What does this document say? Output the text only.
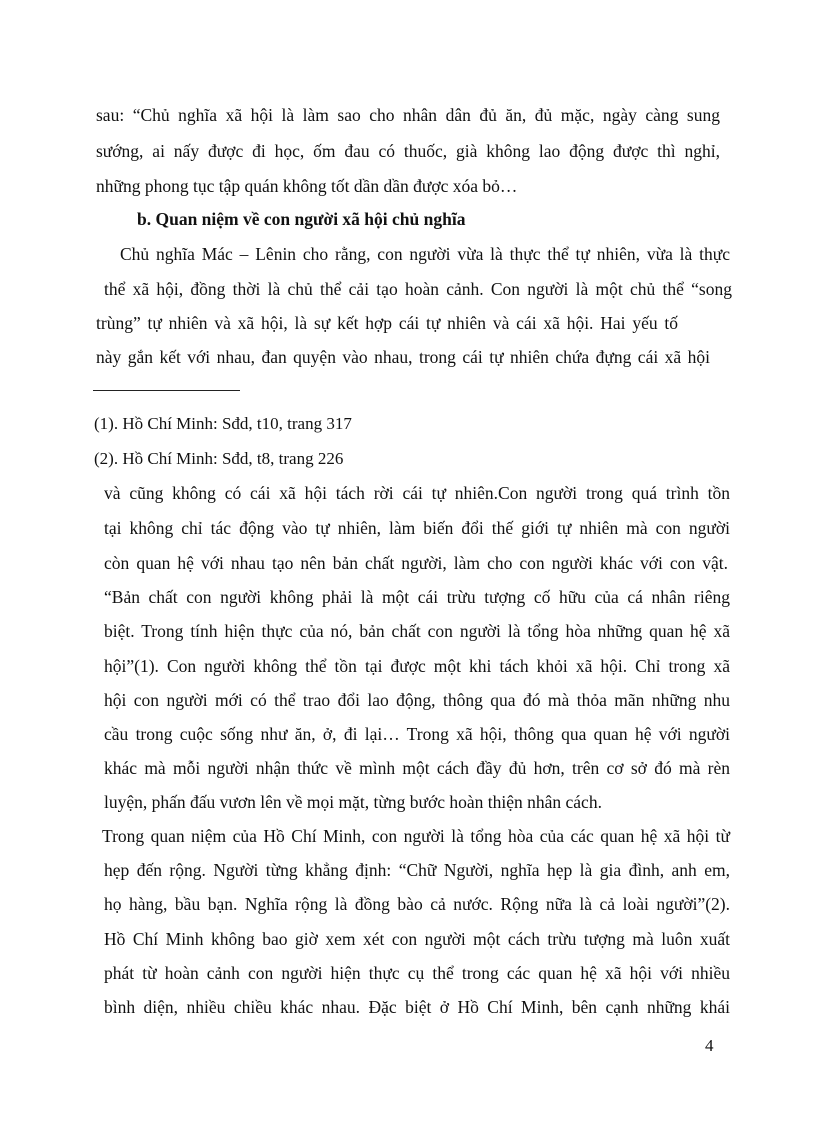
sau: “Chủ nghĩa xã hội là làm sao cho nhân dân đủ ăn, đủ mặc, ngày càng sung
sướng, ai nấy được đi học, ốm đau có thuốc, già không lao động được thì nghỉ,
những phong tục tập quán không tốt dần dần được xóa bỏ…
b. Quan niệm về con người xã hội chủ nghĩa
Chủ nghĩa Mác – Lênin cho rằng, con người vừa là thực thể tự nhiên, vừa là thực
thể xã hội, đồng thời là chủ thể cải tạo hoàn cảnh. Con người là một chủ thể “song
trùng” tự nhiên và xã hội, là sự kết hợp cái tự nhiên và cái xã hội. Hai yếu tố
này gắn kết với nhau, đan quyện vào nhau, trong cái tự nhiên chứa đựng cái xã hội
(1). Hồ Chí Minh: Sđd, t10, trang 317
(2). Hồ Chí Minh: Sđd, t8, trang 226
và cũng không có cái xã hội tách rời cái tự nhiên.Con người trong quá trình tồn
tại không chỉ tác động vào tự nhiên, làm biến đổi thế giới tự nhiên mà con người
còn quan hệ với nhau tạo nên bản chất người, làm cho con người khác với con vật.
“Bản chất con người không phải là một cái trừu tượng cố hữu của cá nhân riêng
biệt. Trong tính hiện thực của nó, bản chất con người là tổng hòa những quan hệ xã
hội”(1). Con người không thể tồn tại được một khi tách khỏi xã hội. Chỉ trong xã
hội con người mới có thể trao đổi lao động, thông qua đó mà thỏa mãn những nhu
cầu trong cuộc sống như ăn, ở, đi lại… Trong xã hội, thông qua quan hệ với người
khác mà mỗi người nhận thức về mình một cách đầy đủ hơn, trên cơ sở đó mà rèn
luyện, phấn đấu vươn lên về mọi mặt, từng bước hoàn thiện nhân cách.
Trong quan niệm của Hồ Chí Minh, con người là tổng hòa của các quan hệ xã hội từ
hẹp đến rộng. Người từng khẳng định: “Chữ Người, nghĩa hẹp là gia đình, anh em,
họ hàng, bầu bạn. Nghĩa rộng là đồng bào cả nước. Rộng nữa là cả loài người”(2).
Hồ Chí Minh không bao giờ xem xét con người một cách trừu tượng mà luôn xuất
phát từ hoàn cảnh con người hiện thực cụ thể trong các quan hệ xã hội với nhiều
bình diện, nhiều chiều khác nhau. Đặc biệt ở Hồ Chí Minh, bên cạnh những khái
4
